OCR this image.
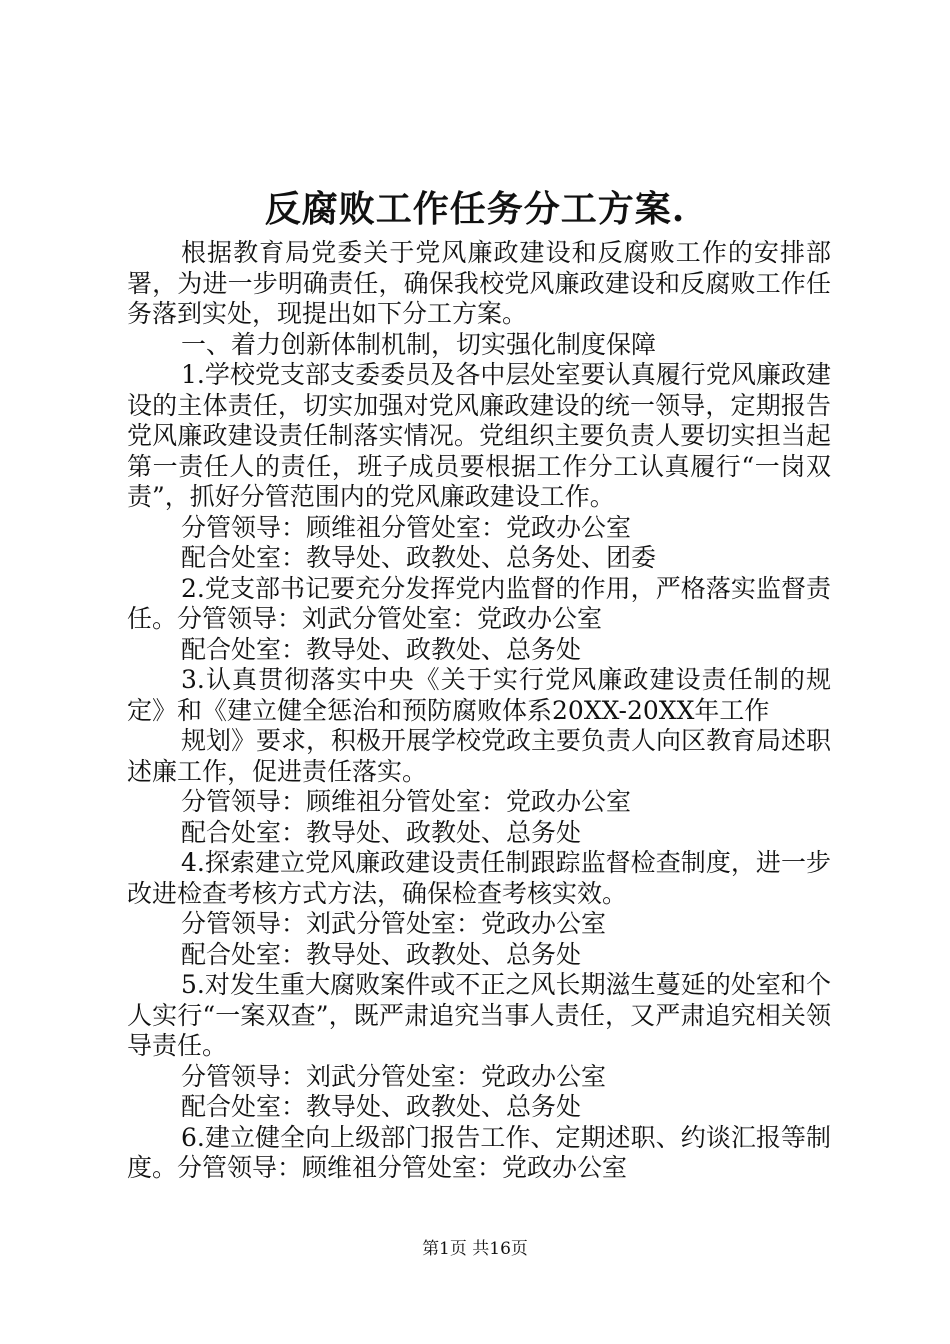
反腐败工作任务分工方案.

根据教育局党委关于党风廉政建设和反腐败工作的安排部署，为进一步明确责任，确保我校党风廉政建设和反腐败工作任务落到实处，现提出如下分工方案。

一、着力创新体制机制，切实强化制度保障

1.学校党支部支委委员及各中层处室要认真履行党风廉政建设的主体责任，切实加强对党风廉政建设的统一领导，定期报告党风廉政建设责任制落实情况。党组织主要负责人要切实担当起第一责任人的责任，班子成员要根据工作分工认真履行“一岗双责”，抓好分管范围内的党风廉政建设工作。

分管领导：顾维祖分管处室：党政办公室

配合处室：教导处、政教处、总务处、团委

2.党支部书记要充分发挥党内监督的作用，严格落实监督责任。分管领导：刘武分管处室：党政办公室

配合处室：教导处、政教处、总务处

3.认真贯彻落实中央《关于实行党风廉政建设责任制的规定》和《建立健全惩治和预防腐败体系20XX-20XX年工作

规划》要求，积极开展学校党政主要负责人向区教育局述职述廉工作，促进责任落实。

分管领导：顾维祖分管处室：党政办公室

配合处室：教导处、政教处、总务处

4.探索建立党风廉政建设责任制跟踪监督检查制度，进一步改进检查考核方式方法，确保检查考核实效。

分管领导：刘武分管处室：党政办公室

配合处室：教导处、政教处、总务处

5.对发生重大腐败案件或不正之风长期滋生蔓延的处室和个人实行“一案双查”，既严肃追究当事人责任，又严肃追究相关领导责任。

分管领导：刘武分管处室：党政办公室

配合处室：教导处、政教处、总务处

6.建立健全向上级部门报告工作、定期述职、约谈汇报等制度。分管领导：顾维祖分管处室：党政办公室

第1页 共16页
